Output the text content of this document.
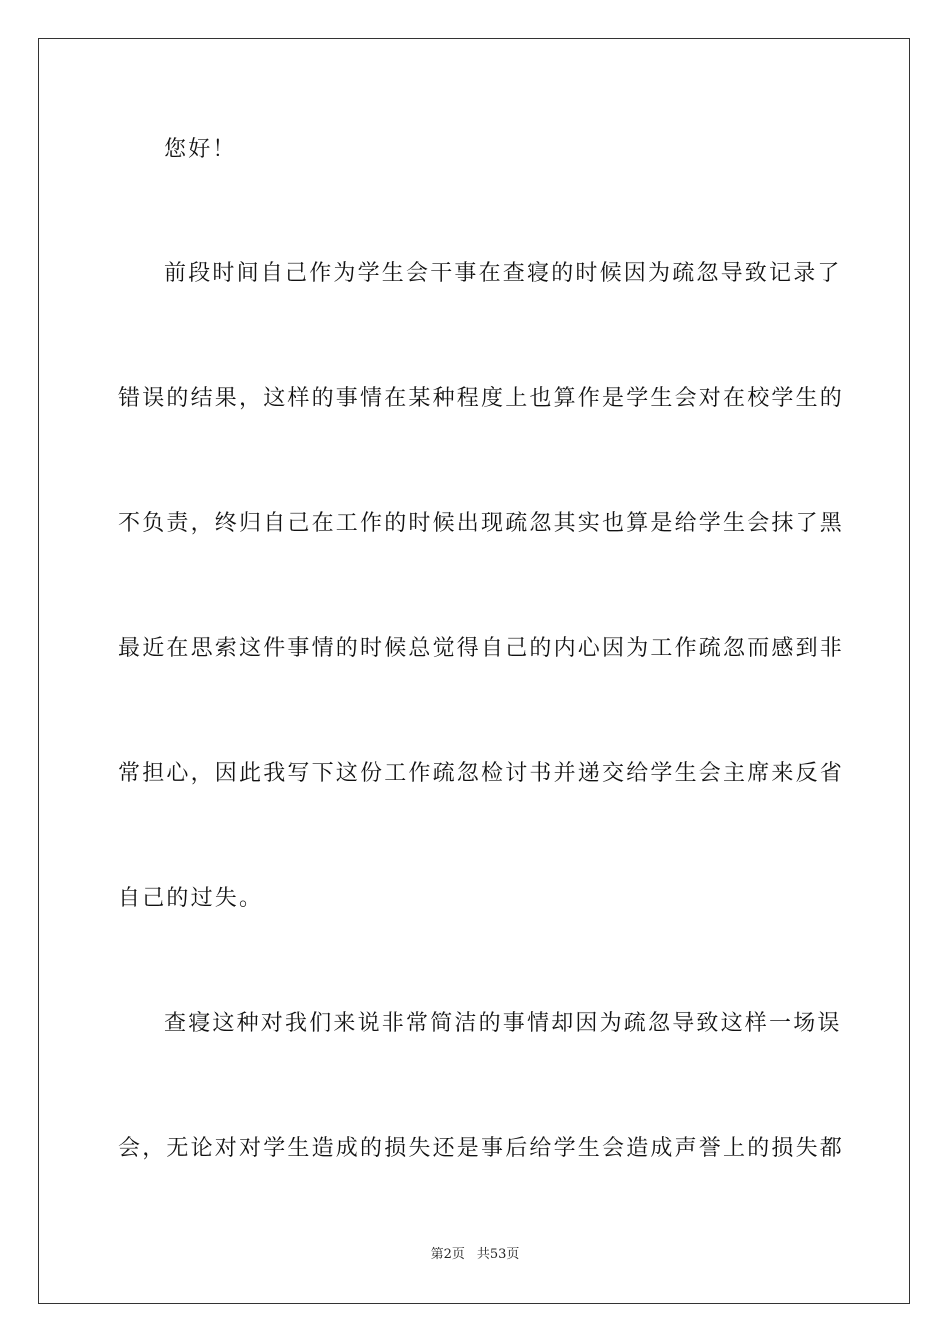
您好！
前段时间自己作为学生会干事在查寝的时候因为疏忽导致记录了
错误的结果，这样的事情在某种程度上也算作是学生会对在校学生的
不负责，终归自己在工作的时候出现疏忽其实也算是给学生会抹了黑
最近在思索这件事情的时候总觉得自己的内心因为工作疏忽而感到非
常担心，因此我写下这份工作疏忽检讨书并递交给学生会主席来反省
自己的过失。
查寝这种对我们来说非常简洁的事情却因为疏忽导致这样一场误
会，无论对对学生造成的损失还是事后给学生会造成声誉上的损失都
第2页 共53页
